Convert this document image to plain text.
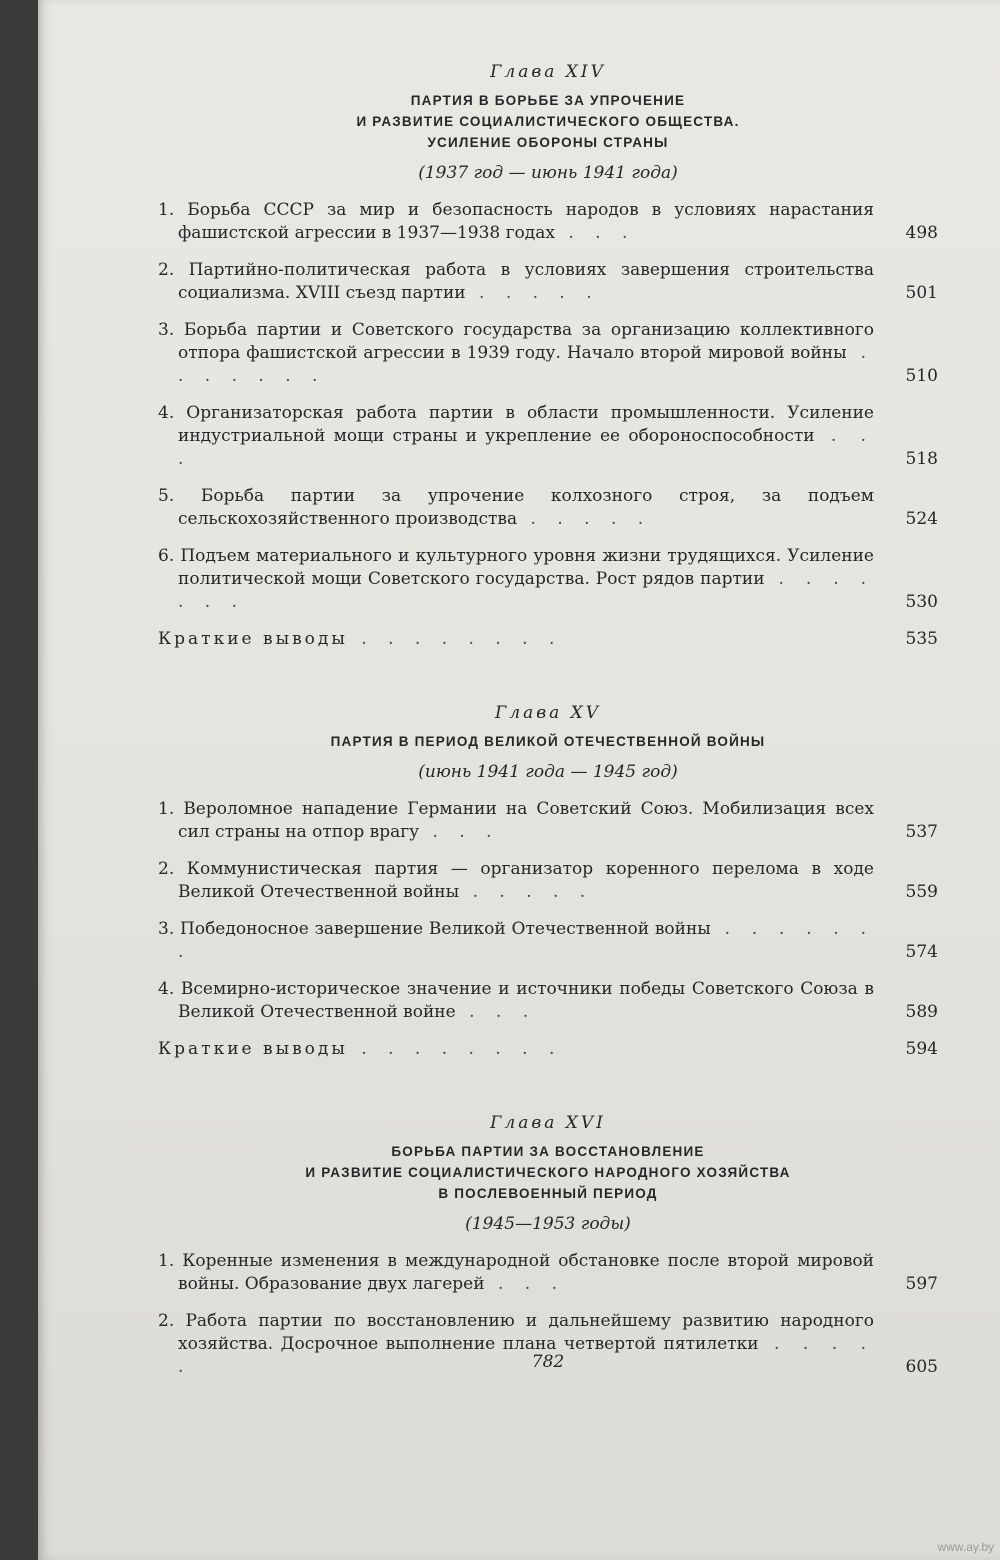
Глава XIV
ПАРТИЯ В БОРЬБЕ ЗА УПРОЧЕНИЕ
И РАЗВИТИЕ СОЦИАЛИСТИЧЕСКОГО ОБЩЕСТВА.
УСИЛЕНИЕ ОБОРОНЫ СТРАНЫ
(1937 год — июнь 1941 года)
1. Борьба СССР за мир и безопасность народов в условиях нарастания фашистской агрессии в 1937—1938 годах . . .	498
2. Партийно-политическая работа в условиях завершения строительства социализма. XVIII съезд партии . . . . .	501
3. Борьба партии и Советского государства за организацию коллективного отпора фашистской агрессии в 1939 году. Начало второй мировой войны . . . . . . .	510
4. Организаторская работа партии в области промышленности. Усиление индустриальной мощи страны и укрепление ее обороноспособности . . .	518
5. Борьба партии за упрочение колхозного строя, за подъем сельскохозяйственного производства . . . . .	524
6. Подъем материального и культурного уровня жизни трудящихся. Усиление политической мощи Советского государства. Рост рядов партии . . . . . . .	530
Краткие выводы . . . . . . . .	535
Глава XV
ПАРТИЯ В ПЕРИОД ВЕЛИКОЙ ОТЕЧЕСТВЕННОЙ ВОЙНЫ
(июнь 1941 года — 1945 год)
1. Вероломное нападение Германии на Советский Союз. Мобилизация всех сил страны на отпор врагу . . .	537
2. Коммунистическая партия — организатор коренного перелома в ходе Великой Отечественной войны . . . . .	559
3. Победоносное завершение Великой Отечественной войны . . . . . . .	574
4. Всемирно-историческое значение и источники победы Советского Союза в Великой Отечественной войне . . .	589
Краткие выводы . . . . . . . .	594
Глава XVI
БОРЬБА ПАРТИИ ЗА ВОССТАНОВЛЕНИЕ
И РАЗВИТИЕ СОЦИАЛИСТИЧЕСКОГО НАРОДНОГО ХОЗЯЙСТВА
В ПОСЛЕВОЕННЫЙ ПЕРИОД
(1945—1953 годы)
1. Коренные изменения в международной обстановке после второй мировой войны. Образование двух лагерей . . .	597
2. Работа партии по восстановлению и дальнейшему развитию народного хозяйства. Досрочное выполнение плана четвертой пятилетки . . . . .	605
782
www.ay.by
